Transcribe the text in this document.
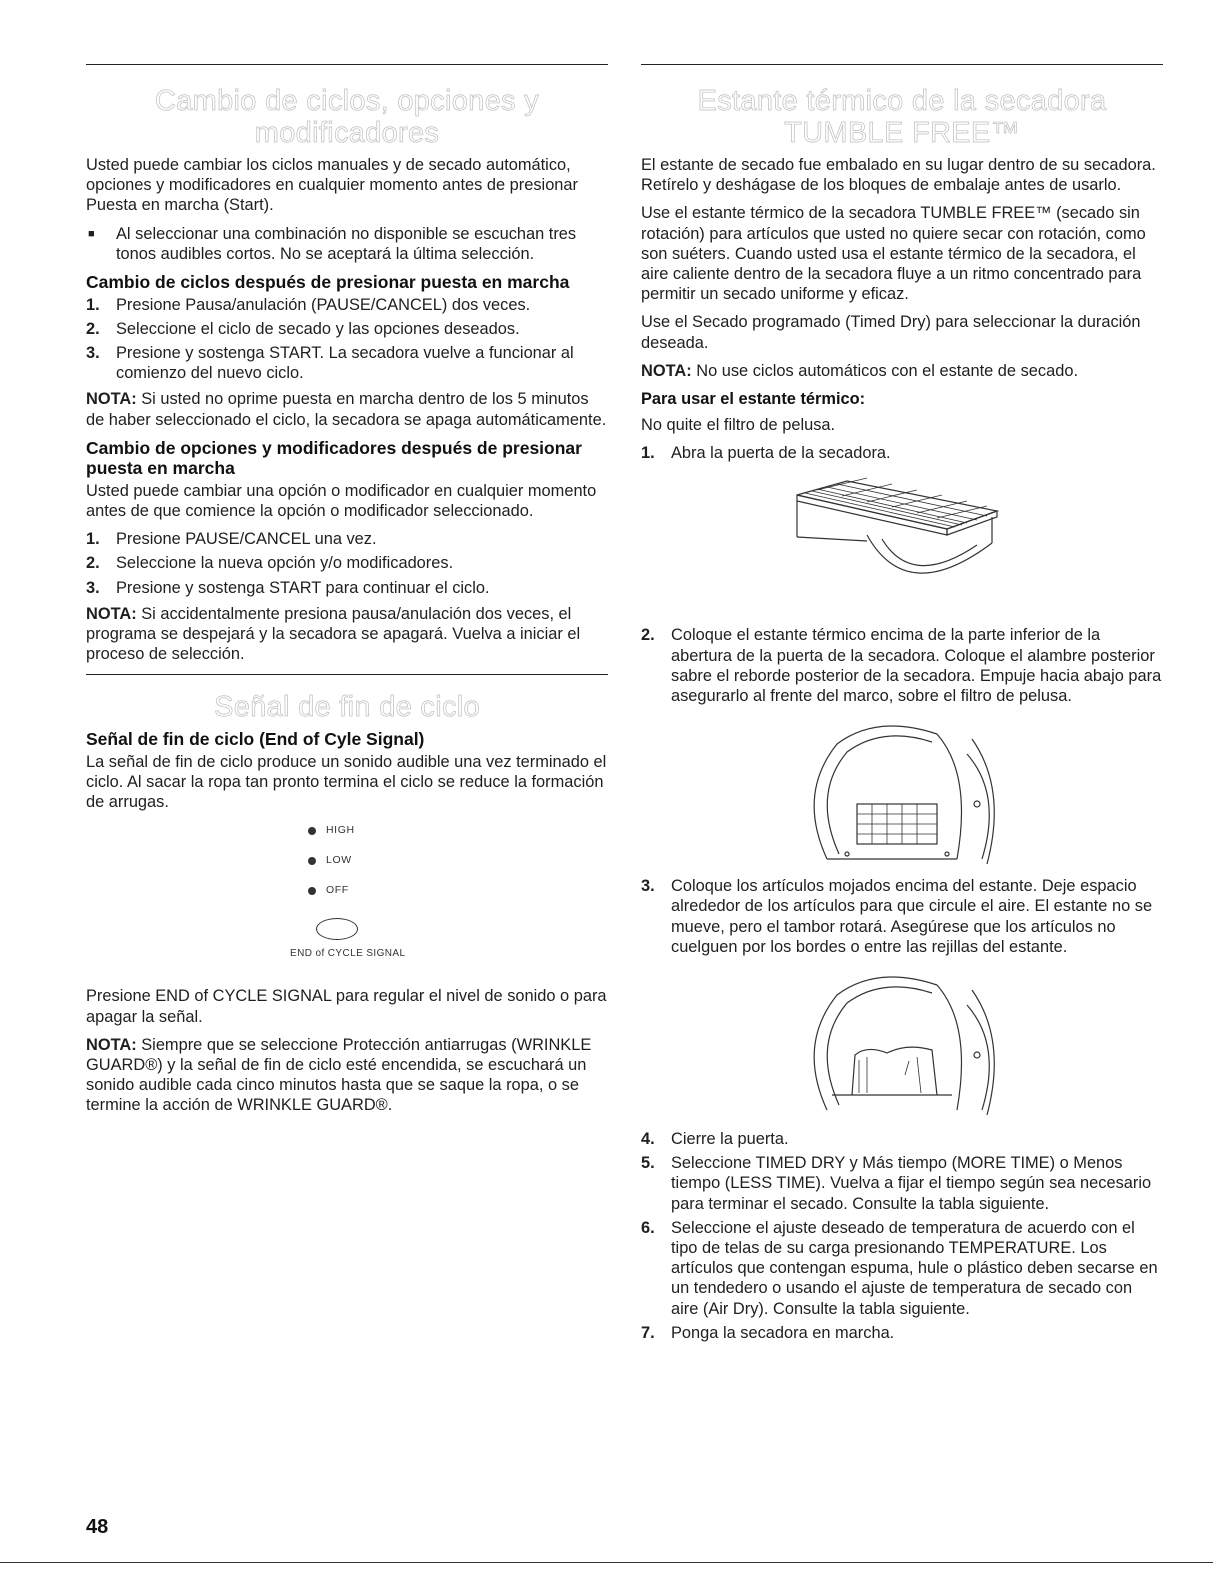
Cambio de ciclos, opciones y modificadores

Usted puede cambiar los ciclos manuales y de secado automático, opciones y modificadores en cualquier momento antes de presionar Puesta en marcha (Start).

■	Al seleccionar una combinación no disponible se escuchan tres tonos audibles cortos. No se aceptará la última selección.
Cambio de ciclos después de presionar puesta en marcha
1. Presione Pausa/anulación (PAUSE/CANCEL) dos veces.
2. Seleccione el ciclo de secado y las opciones deseados.
3. Presione y sostenga START. La secadora vuelve a funcionar al comienzo del nuevo ciclo.

NOTA: Si usted no oprime puesta en marcha dentro de los 5 minutos de haber seleccionado el ciclo, la secadora se apaga automáticamente.

Cambio de opciones y modificadores después de presionar puesta en marcha

Usted puede cambiar una opción o modificador en cualquier momento antes de que comience la opción o modificador seleccionado.

1. Presione PAUSE/CANCEL una vez.
2. Seleccione la nueva opción y/o modificadores.
3. Presione y sostenga START para continuar el ciclo.

NOTA: Si accidentalmente presiona pausa/anulación dos veces, el programa se despejará y la secadora se apagará. Vuelva a iniciar el proceso de selección.

Señal de fin de ciclo
Señal de fin de ciclo (End of Cyle Signal)

La señal de fin de ciclo produce un sonido audible una vez terminado el ciclo. Al sacar la ropa tan pronto termina el ciclo se reduce la formación de arrugas.

HIGH
LOW
OFF
END of CYCLE SIGNAL

Presione END of CYCLE SIGNAL para regular el nivel de sonido o para apagar la señal.

NOTA: Siempre que se seleccione Protección antiarrugas (WRINKLE GUARD®) y la señal de fin de ciclo esté encendida, se escuchará un sonido audible cada cinco minutos hasta que se saque la ropa, o se termine la acción de WRINKLE GUARD®.

Estante térmico de la secadora TUMBLE FREE™

El estante de secado fue embalado en su lugar dentro de su secadora. Retírelo y deshágase de los bloques de embalaje antes de usarlo.

Use el estante térmico de la secadora TUMBLE FREE™ (secado sin rotación) para artículos que usted no quiere secar con rotación, como son suéters. Cuando usted usa el estante térmico de la secadora, el aire caliente dentro de la secadora fluye a un ritmo concentrado para permitir un secado uniforme y eficaz.

Use el Secado programado (Timed Dry) para seleccionar la duración deseada.

NOTA: No use ciclos automáticos con el estante de secado.

Para usar el estante térmico:

No quite el filtro de pelusa.

1. Abra la puerta de la secadora.
2. Coloque el estante térmico encima de la parte inferior de la abertura de la puerta de la secadora. Coloque el alambre posterior sabre el reborde posterior de la secadora. Empuje hacia abajo para asegurarlo al frente del marco, sobre el filtro de pelusa.
3. Coloque los artículos mojados encima del estante. Deje espacio alrededor de los artículos para que circule el aire. El estante no se mueve, pero el tambor rotará. Asegúrese que los artículos no cuelguen por los bordes o entre las rejillas del estante.
4. Cierre la puerta.
5. Seleccione TIMED DRY y Más tiempo (MORE TIME) o Menos tiempo (LESS TIME). Vuelva a fijar el tiempo según sea necesario para terminar el secado. Consulte la tabla siguiente.
6. Seleccione el ajuste deseado de temperatura de acuerdo con el tipo de telas de su carga presionando TEMPERATURE. Los artículos que contengan espuma, hule o plástico deben secarse en un tendedero o usando el ajuste de temperatura de secado con aire (Air Dry). Consulte la tabla siguiente.
7. Ponga la secadora en marcha.
48
